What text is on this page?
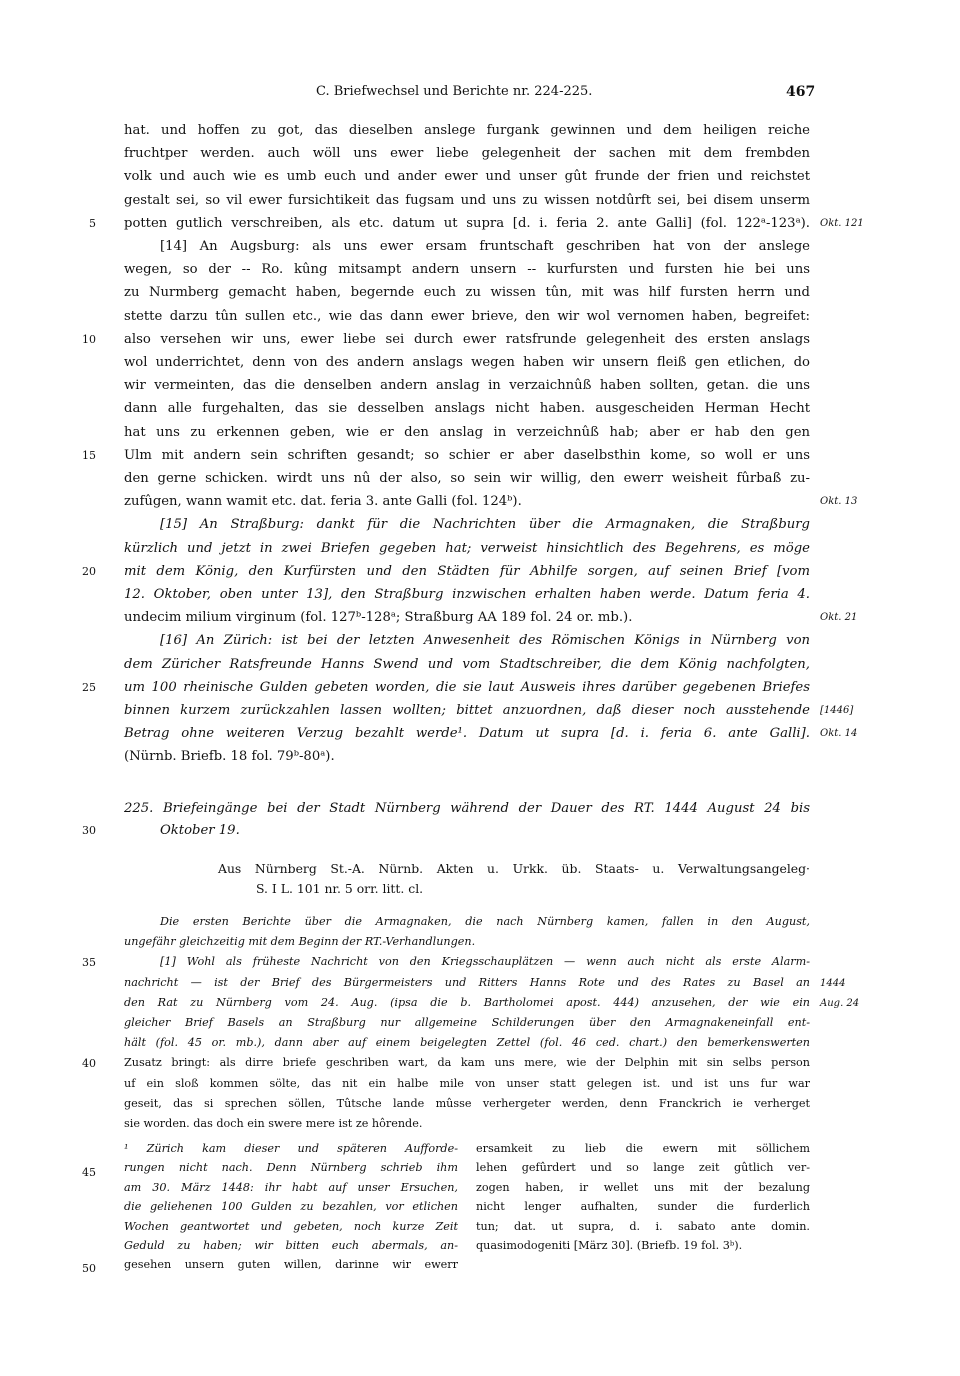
C. Briefwechsel und Berichte nr. 224-225.	467
hat. und hoffen zu got, das dieselben anslege furgank gewinnen und dem heiligen reiche
fruchtper werden. auch wöll uns ewer liebe gelegenheit der sachen mit dem frembden
volk und auch wie es umb euch und ander ewer und unser gût frunde der frien und reichstet
gestalt sei, so vil ewer fursichtikeit das fugsam und uns zu wissen notdûrft sei, bei disem unserm
potten gutlich verschreiben, als etc. datum ut supra [d. i. feria 2. ante Galli] (fol. 122ᵃ-123ᵃ).
5	Okt. 121
[14] An Augsburg: als uns ewer ersam fruntschaft geschriben hat von der anslege
wegen, so der -- Ro. kûng mitsampt andern unsern -- kurfursten und fursten hie bei uns
zu Nurmberg gemacht haben, begernde euch zu wissen tûn, mit was hilf fursten herrn und
stette darzu tûn sullen etc., wie das dann ewer brieve, den wir wol vernomen haben, begreifet:
also versehen wir uns, ewer liebe sei durch ewer ratsfrunde gelegenheit des ersten anslags
10
wol underrichtet, denn von des andern anslags wegen haben wir unsern fleiß gen etlichen, do
wir vermeinten, das die denselben andern anslag in verzaichnûß haben sollten, getan. die uns
dann alle furgehalten, das sie desselben anslags nicht haben. ausgescheiden Herman Hecht
hat uns zu erkennen geben, wie er den anslag in verzeichnûß hab; aber er hab den gen
Ulm mit andern sein schriften gesandt; so schier er aber daselbsthin kome, so woll er uns
15
den gerne schicken. wirdt uns nû der also, so sein wir willig, den ewerr weisheit fûrbaß zu-
zufûgen, wann wamit etc. dat. feria 3. ante Galli (fol. 124ᵇ).	Okt. 13
[15] An Straßburg: dankt für die Nachrichten über die Armagnaken, die Straßburg
kürzlich und jetzt in zwei Briefen gegeben hat; verweist hinsichtlich des Begehrens, es möge
mit dem König, den Kurfürsten und den Städten für Abhilfe sorgen, auf seinen Brief [vom
20
12. Oktober, oben unter 13], den Straßburg inzwischen erhalten haben werde. Datum feria 4.
undecim milium virginum (fol. 127ᵇ-128ᵃ; Straßburg AA 189 fol. 24 or. mb.).	Okt. 21
[16] An Zürich: ist bei der letzten Anwesenheit des Römischen Königs in Nürnberg von
dem Züricher Ratsfreunde Hanns Swend und vom Stadtschreiber, die dem König nachfolgten,
um 100 rheinische Gulden gebeten worden, die sie laut Ausweis ihres darüber gegebenen Briefes
25
binnen kurzem zurückzahlen lassen wollten; bittet anzuordnen, daß dieser noch ausstehende [1446]
Betrag ohne weiteren Verzug bezahlt werde¹. Datum ut supra [d. i. feria 6. ante Galli]. Okt. 14
(Nürnb. Briefb. 18 fol. 79ᵇ-80ᵃ).
225. Briefeingänge bei der Stadt Nürnberg während der Dauer des RT. 1444 August 24 bis
Oktober 19.
30
Aus Nürnberg St.-A. Nürnb. Akten u. Urkk. üb. Staats- u. Verwaltungsangeleg·
S. I L. 101 nr. 5 orr. litt. cl.
Die ersten Berichte über die Armagnaken, die nach Nürnberg kamen, fallen in den August,
ungefähr gleichzeitig mit dem Beginn der RT.-Verhandlungen.
[1] Wohl als früheste Nachricht von den Kriegsschauplätzen — wenn auch nicht als erste Alarm-
35
nachricht — ist der Brief des Bürgermeisters und Ritters Hanns Rote und des Rates zu Basel an 1444
den Rat zu Nürnberg vom 24. Aug. (ipsa die b. Bartholomei apost. 444) anzusehen, der wie ein Aug. 24
gleicher Brief Basels an Straßburg nur allgemeine Schilderungen über den Armagnakeneinfall ent-
hält (fol. 45 or. mb.), dann aber auf einem beigelegten Zettel (fol. 46 ced. chart.) den bemerkenswerten
Zusatz bringt: als dirre briefe geschriben wart, da kam uns mere, wie der Delphin mit sin selbs person
40
uf ein sloß kommen sölte, das nit ein halbe mile von unser statt gelegen ist. und ist uns fur war
geseit, das si sprechen söllen, Tûtsche lande mûsse verhergeter werden, denn Franckrich ie verherget
sie worden. das doch ein swere mere ist ze hôrende.
¹ Zürich kam dieser und späteren Aufforde-
rungen nicht nach. Denn Nürnberg schrieb ihm
am 30. März 1448: ihr habt auf unser Ersuchen,
die geliehenen 100 Gulden zu bezahlen, vor etlichen
Wochen geantwortet und gebeten, noch kurze Zeit
Geduld zu haben; wir bitten euch abermals, an-
gesehen unsern guten willen, darinne wir ewerr
ersamkeit zu lieb die ewern mit söllichem
lehen gefûrdert und so lange zeit gûtlich ver-
zogen haben, ir wellet uns mit der bezalung
nicht lenger aufhalten, sunder die furderlich
tun; dat. ut supra, d. i. sabato ante domin.
quasimodogeniti [März 30]. (Briefb. 19 fol. 3ᵇ).
45
50
